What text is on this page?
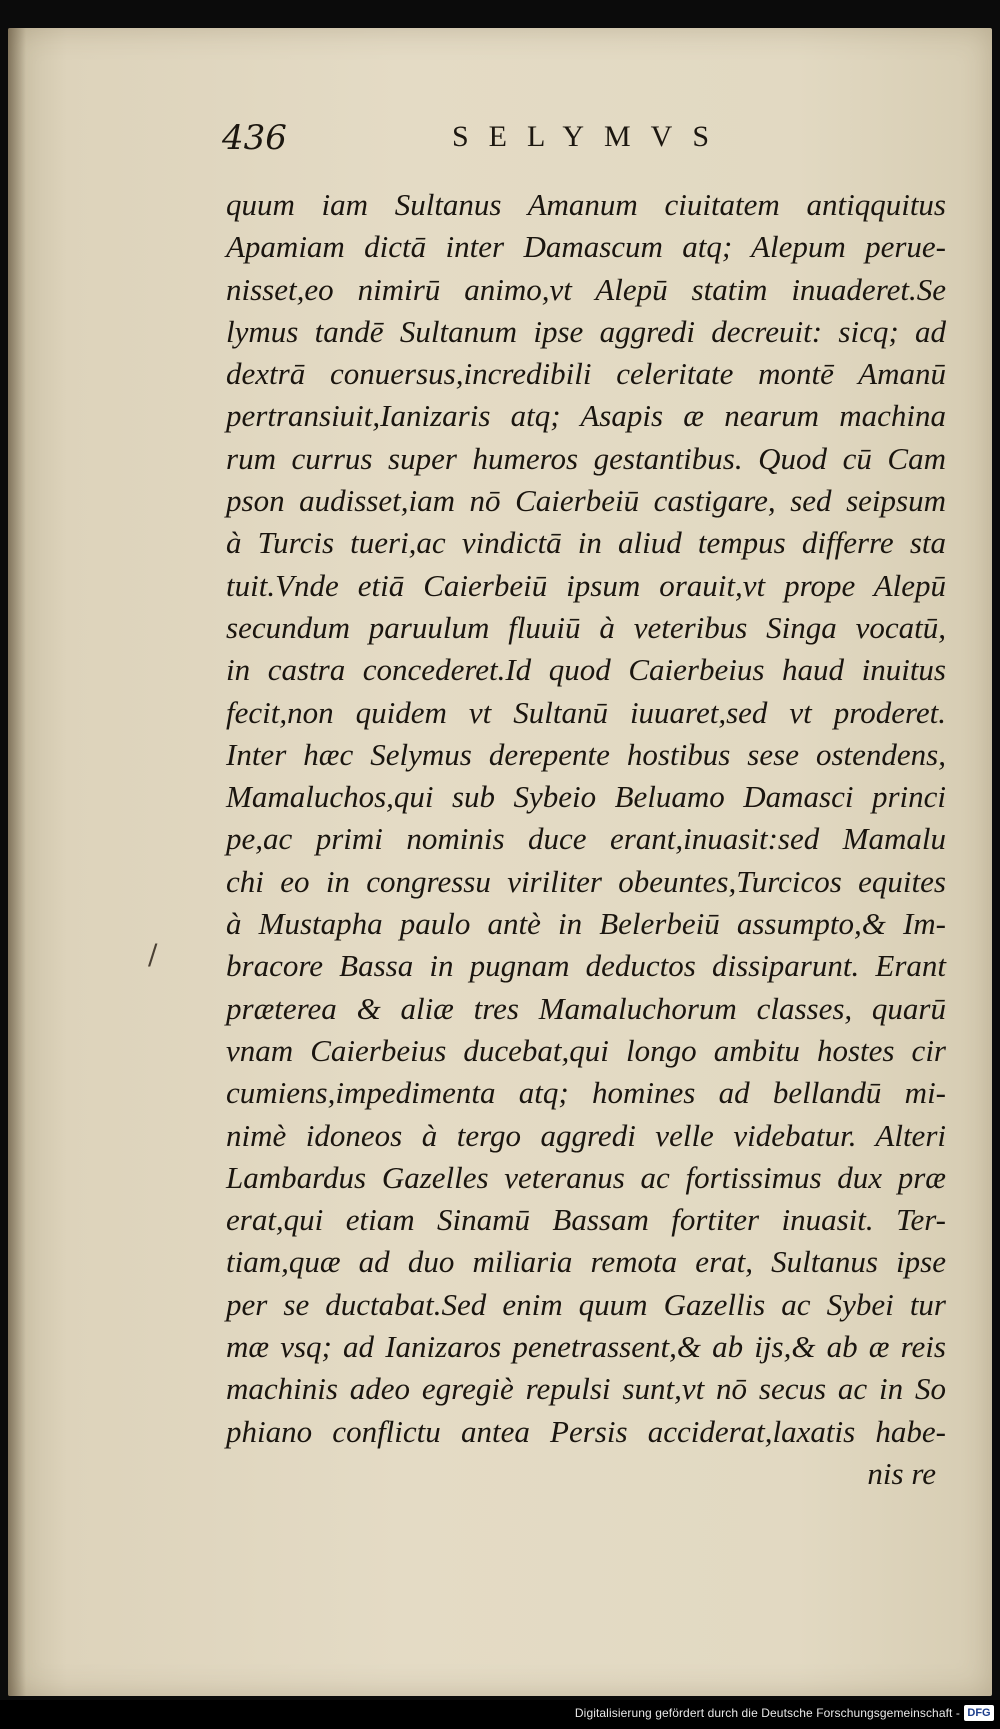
436	SELYMVS
quum iam Sultanus Amanum ciuitatem antiqquitus
Apamiam dictā inter Damascum atq; Alepum perue-
nisset,eo nimirū animo,vt Alepū statim inuaderet.Se
lymus tandē Sultanum ipse aggredi decreuit: sicq; ad
dextrā conuersus,incredibili celeritate montē Amanū
pertransiuit,Ianizaris atq; Asapis æ nearum machina
rum currus super humeros gestantibus. Quod cū Cam
pson audisset,iam nō Caierbeiū castigare, sed seipsum
à Turcis tueri,ac vindictā in aliud tempus differre sta
tuit.Vnde etiā Caierbeiū ipsum orauit,vt prope Alepū
secundum paruulum fluuiū à veteribus Singa vocatū,
in castra concederet.Id quod Caierbeius haud inuitus
fecit,non quidem vt Sultanū iuuaret,sed vt proderet.
Inter hæc Selymus derepente hostibus sese ostendens,
Mamaluchos,qui sub Sybeio Beluamo Damasci princi
pe,ac primi nominis duce erant,inuasit:sed Mamalu
chi eo in congressu viriliter obeuntes,Turcicos equites
à Mustapha paulo antè in Belerbeiū assumpto,& Im-
bracore Bassa in pugnam deductos dissiparunt. Erant
prӕterea & aliӕ tres Mamaluchorum classes, quarū
vnam Caierbeius ducebat,qui longo ambitu hostes cir
cumiens,impedimenta atq; homines ad bellandū mi-
nimè idoneos à tergo aggredi velle videbatur. Alteri
Lambardus Gazelles veteranus ac fortissimus dux prӕ
erat,qui etiam Sinamū Bassam fortiter inuasit. Ter-
tiam,quӕ ad duo miliaria remota erat, Sultanus ipse
per se ductabat.Sed enim quum Gazellis ac Sybei tur
mӕ vsq; ad Ianizaros penetrassent,& ab ijs,& ab æ reis
machinis adeo egregiè repulsi sunt,vt nō secus ac in So
phiano conflictu antea Persis acciderat,laxatis habe-
nis re
/
Digitalisierung gefördert durch die Deutsche Forschungsgemeinschaft - DFG
